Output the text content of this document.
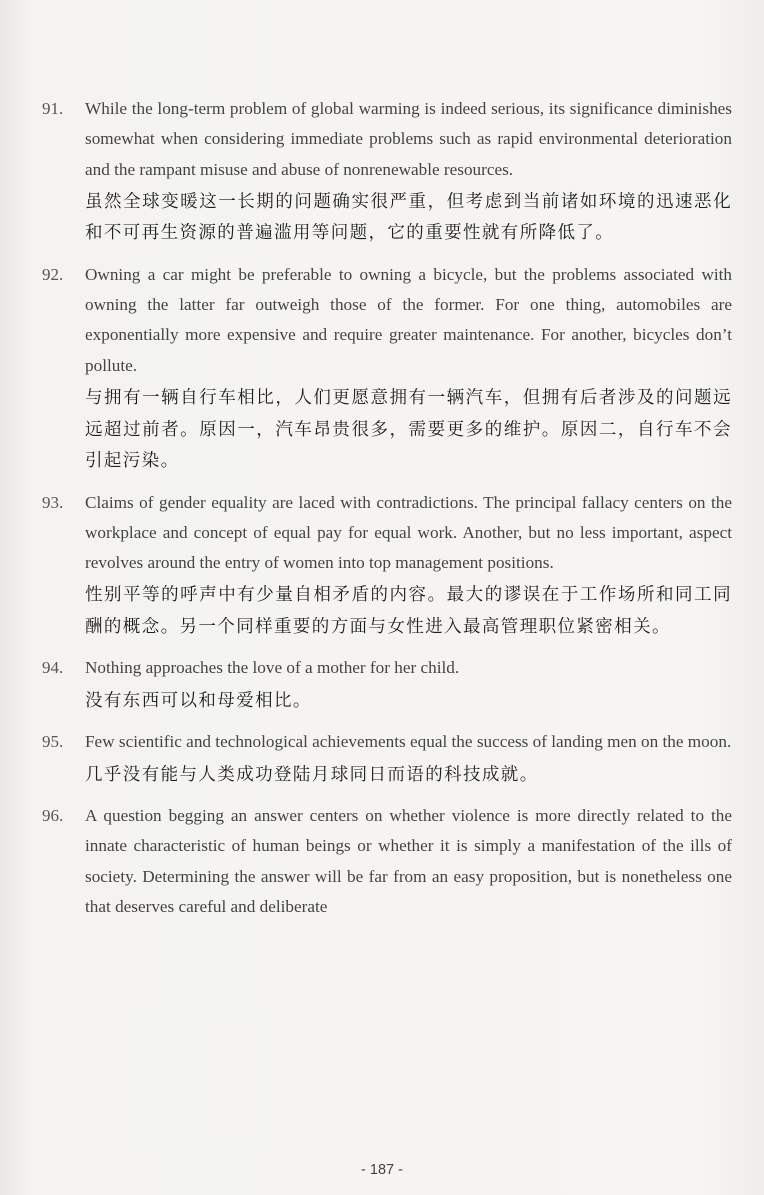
91.	While the long-term problem of global warming is indeed serious, its significance diminishes somewhat when considering immediate problems such as rapid environmental deterioration and the rampant misuse and abuse of nonrenewable resources.
虽然全球变暖这一长期的问题确实很严重，但考虑到当前诸如环境的迅速恶化和不可再生资源的普遍滥用等问题，它的重要性就有所降低了。
92.	Owning a car might be preferable to owning a bicycle, but the problems associated with owning the latter far outweigh those of the former. For one thing, automobiles are exponentially more expensive and require greater maintenance. For another, bicycles don’t pollute.
与拥有一辆自行车相比，人们更愿意拥有一辆汽车，但拥有后者涉及的问题远远超过前者。原因一，汽车昂贵很多，需要更多的维护。原因二，自行车不会引起污染。
93.	Claims of gender equality are laced with contradictions. The principal fallacy centers on the workplace and concept of equal pay for equal work. Another, but no less important, aspect revolves around the entry of women into top management positions.
性别平等的呼声中有少量自相矛盾的内容。最大的谬误在于工作场所和同工同酬的概念。另一个同样重要的方面与女性进入最高管理职位紧密相关。
94.	Nothing approaches the love of a mother for her child.
没有东西可以和母爱相比。
95.	Few scientific and technological achievements equal the success of landing men on the moon.
几乎没有能与人类成功登陆月球同日而语的科技成就。
96.	A question begging an answer centers on whether violence is more directly related to the innate characteristic of human beings or whether it is simply a manifestation of the ills of society. Determining the answer will be far from an easy proposition, but is nonetheless one that deserves careful and deliberate
- 187 -
